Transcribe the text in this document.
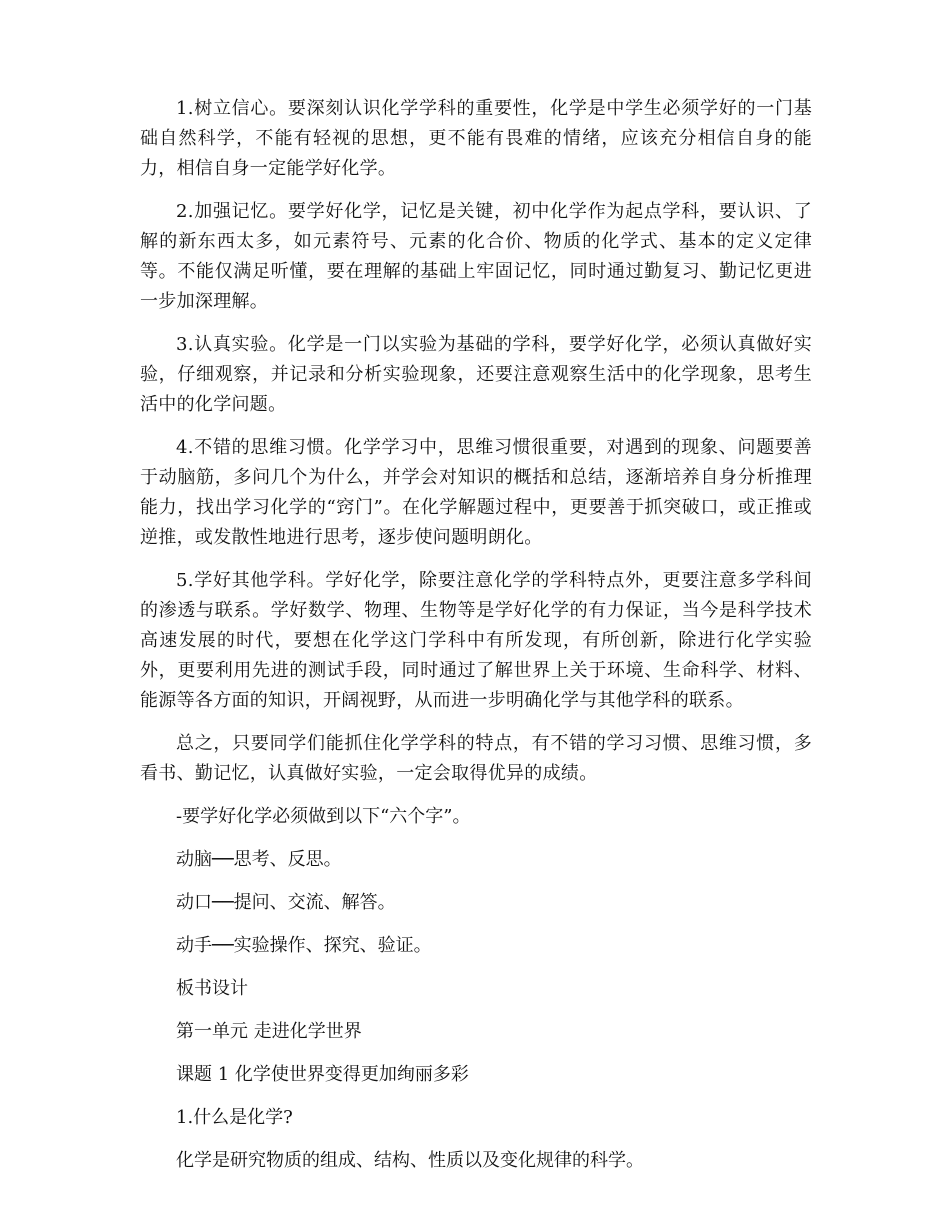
1.树立信心。要深刻认识化学学科的重要性，化学是中学生必须学好的一门基础自然科学，不能有轻视的思想，更不能有畏难的情绪，应该充分相信自身的能力，相信自身一定能学好化学。

2.加强记忆。要学好化学，记忆是关键，初中化学作为起点学科，要认识、了解的新东西太多，如元素符号、元素的化合价、物质的化学式、基本的定义定律等。不能仅满足听懂，要在理解的基础上牢固记忆，同时通过勤复习、勤记忆更进一步加深理解。

3.认真实验。化学是一门以实验为基础的学科，要学好化学，必须认真做好实验，仔细观察，并记录和分析实验现象，还要注意观察生活中的化学现象，思考生活中的化学问题。

4.不错的思维习惯。化学学习中，思维习惯很重要，对遇到的现象、问题要善于动脑筋，多问几个为什么，并学会对知识的概括和总结，逐渐培养自身分析推理能力，找出学习化学的“窍门”。在化学解题过程中，更要善于抓突破口，或正推或逆推，或发散性地进行思考，逐步使问题明朗化。

5.学好其他学科。学好化学，除要注意化学的学科特点外，更要注意多学科间的渗透与联系。学好数学、物理、生物等是学好化学的有力保证，当今是科学技术高速发展的时代，要想在化学这门学科中有所发现，有所创新，除进行化学实验外，更要利用先进的测试手段，同时通过了解世界上关于环境、生命科学、材料、能源等各方面的知识，开阔视野，从而进一步明确化学与其他学科的联系。

总之，只要同学们能抓住化学学科的特点，有不错的学习习惯、思维习惯，多看书、勤记忆，认真做好实验，一定会取得优异的成绩。

-要学好化学必须做到以下“六个字”。

动脑──思考、反思。

动口──提问、交流、解答。

动手──实验操作、探究、验证。

板书设计

第一单元 走进化学世界

课题 1 化学使世界变得更加绚丽多彩

1.什么是化学?

化学是研究物质的组成、结构、性质以及变化规律的科学。
